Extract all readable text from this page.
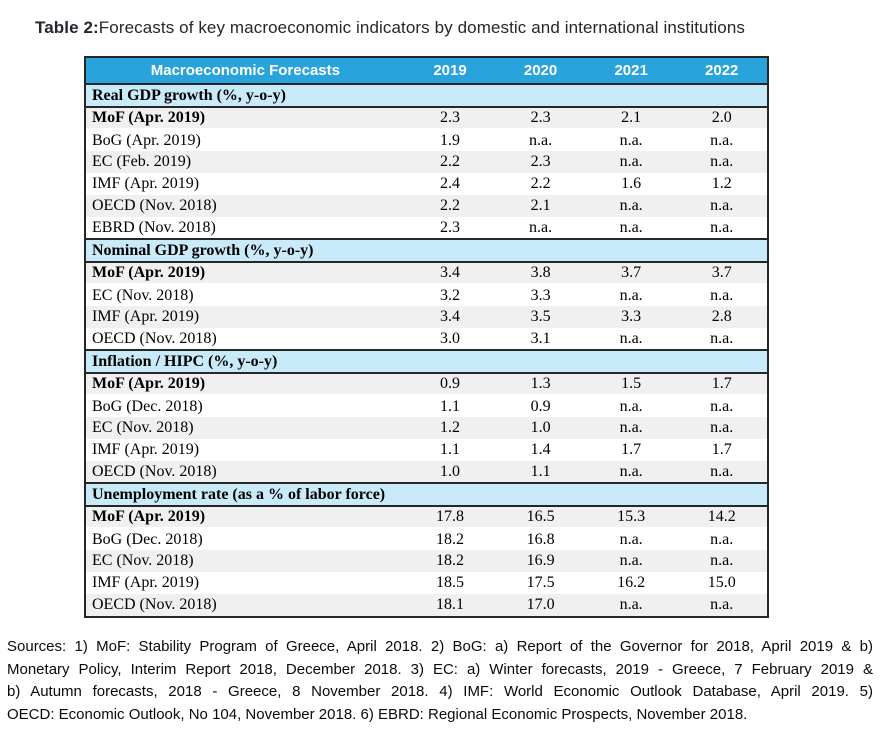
Table 2:Forecasts of key macroeconomic indicators by domestic and international institutions
Macroeconomic Forecasts	2019	2020	2021	2022
Real GDP growth (%, y-o-y)				
MoF (Apr. 2019)	2.3	2.3	2.1	2.0
BoG (Apr. 2019)	1.9	n.a.	n.a.	n.a.
EC (Feb. 2019)	2.2	2.3	n.a.	n.a.
IMF (Apr. 2019)	2.4	2.2	1.6	1.2
OECD (Nov. 2018)	2.2	2.1	n.a.	n.a.
EBRD (Nov. 2018)	2.3	n.a.	n.a.	n.a.
Nominal GDP growth (%, y-o-y)				
MoF (Apr. 2019)	3.4	3.8	3.7	3.7
EC (Nov. 2018)	3.2	3.3	n.a.	n.a.
IMF (Apr. 2019)	3.4	3.5	3.3	2.8
OECD (Nov. 2018)	3.0	3.1	n.a.	n.a.
Inflation / HIPC (%, y-o-y)				
MoF (Apr. 2019)	0.9	1.3	1.5	1.7
BoG (Dec. 2018)	1.1	0.9	n.a.	n.a.
EC (Nov. 2018)	1.2	1.0	n.a.	n.a.
IMF (Apr. 2019)	1.1	1.4	1.7	1.7
OECD (Nov. 2018)	1.0	1.1	n.a.	n.a.
Unemployment rate (as a % of labor force)				
MoF (Apr. 2019)	17.8	16.5	15.3	14.2
BoG (Dec. 2018)	18.2	16.8	n.a.	n.a.
EC (Nov. 2018)	18.2	16.9	n.a.	n.a.
IMF (Apr. 2019)	18.5	17.5	16.2	15.0
OECD (Nov. 2018)	18.1	17.0	n.a.	n.a.
Sources: 1) MoF: Stability Program of Greece, April 2018. 2) BoG: a) Report of the Governor for 2018, April 2019 & b)
Monetary Policy, Interim Report 2018, December 2018. 3) EC: a) Winter forecasts, 2019 - Greece, 7 February 2019 &
b) Autumn forecasts, 2018 - Greece, 8 November 2018. 4) IMF: World Economic Outlook Database, April 2019. 5)
OECD: Economic Outlook, No 104, November 2018. 6) EBRD: Regional Economic Prospects, November 2018.
